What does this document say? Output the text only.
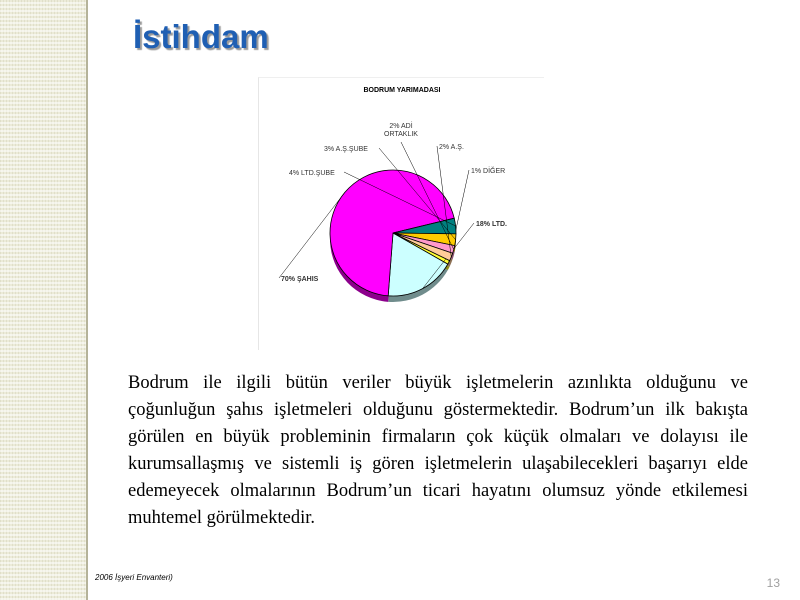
İstihdam
BODRUM YARIMADASI
1% DİĞER
18% LTD.
70% ŞAHIS
4% LTD.ŞUBE
3% A.Ş.ŞUBE
2% ADİ ORTAKLIK
2% A.Ş.

Bodrum ile ilgili bütün veriler büyük işletmelerin azınlıkta olduğunu ve çoğunluğun şahıs işletmeleri olduğunu göstermektedir. Bodrum’un ilk bakışta görülen en büyük probleminin firmaların çok küçük olmaları ve dolayısı ile kurumsallaşmış ve sistemli iş gören işletmelerin ulaşabilecekleri başarıyı elde edemeyecek olmalarının Bodrum’un ticari hayatını olumsuz yönde etkilemesi muhtemel görülmektedir.

2006 İşyeri Envanteri)	13
